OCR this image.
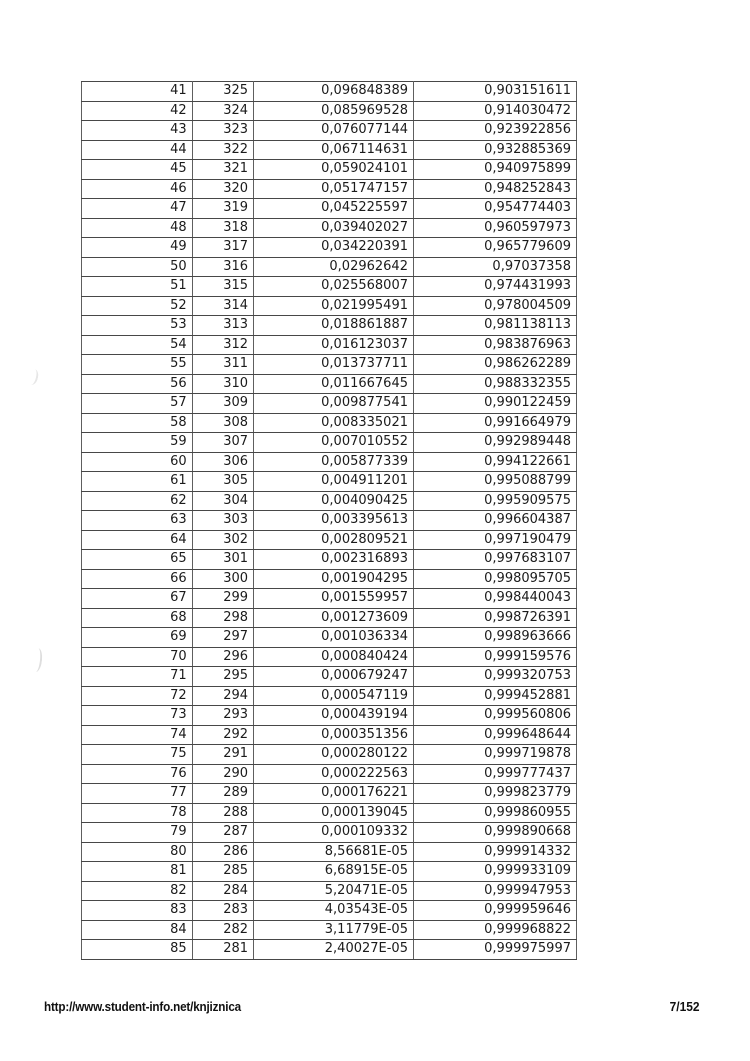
41	325	0,096848389	0,903151611
42	324	0,085969528	0,914030472
43	323	0,076077144	0,923922856
44	322	0,067114631	0,932885369
45	321	0,059024101	0,940975899
46	320	0,051747157	0,948252843
47	319	0,045225597	0,954774403
48	318	0,039402027	0,960597973
49	317	0,034220391	0,965779609
50	316	0,02962642	0,97037358
51	315	0,025568007	0,974431993
52	314	0,021995491	0,978004509
53	313	0,018861887	0,981138113
54	312	0,016123037	0,983876963
55	311	0,013737711	0,986262289
56	310	0,011667645	0,988332355
57	309	0,009877541	0,990122459
58	308	0,008335021	0,991664979
59	307	0,007010552	0,992989448
60	306	0,005877339	0,994122661
61	305	0,004911201	0,995088799
62	304	0,004090425	0,995909575
63	303	0,003395613	0,996604387
64	302	0,002809521	0,997190479
65	301	0,002316893	0,997683107
66	300	0,001904295	0,998095705
67	299	0,001559957	0,998440043
68	298	0,001273609	0,998726391
69	297	0,001036334	0,998963666
70	296	0,000840424	0,999159576
71	295	0,000679247	0,999320753
72	294	0,000547119	0,999452881
73	293	0,000439194	0,999560806
74	292	0,000351356	0,999648644
75	291	0,000280122	0,999719878
76	290	0,000222563	0,999777437
77	289	0,000176221	0,999823779
78	288	0,000139045	0,999860955
79	287	0,000109332	0,999890668
80	286	8,56681E-05	0,999914332
81	285	6,68915E-05	0,999933109
82	284	5,20471E-05	0,999947953
83	283	4,03543E-05	0,999959646
84	282	3,11779E-05	0,999968822
85	281	2,40027E-05	0,999975997
http://www.student-info.net/knjiznica	7/152
